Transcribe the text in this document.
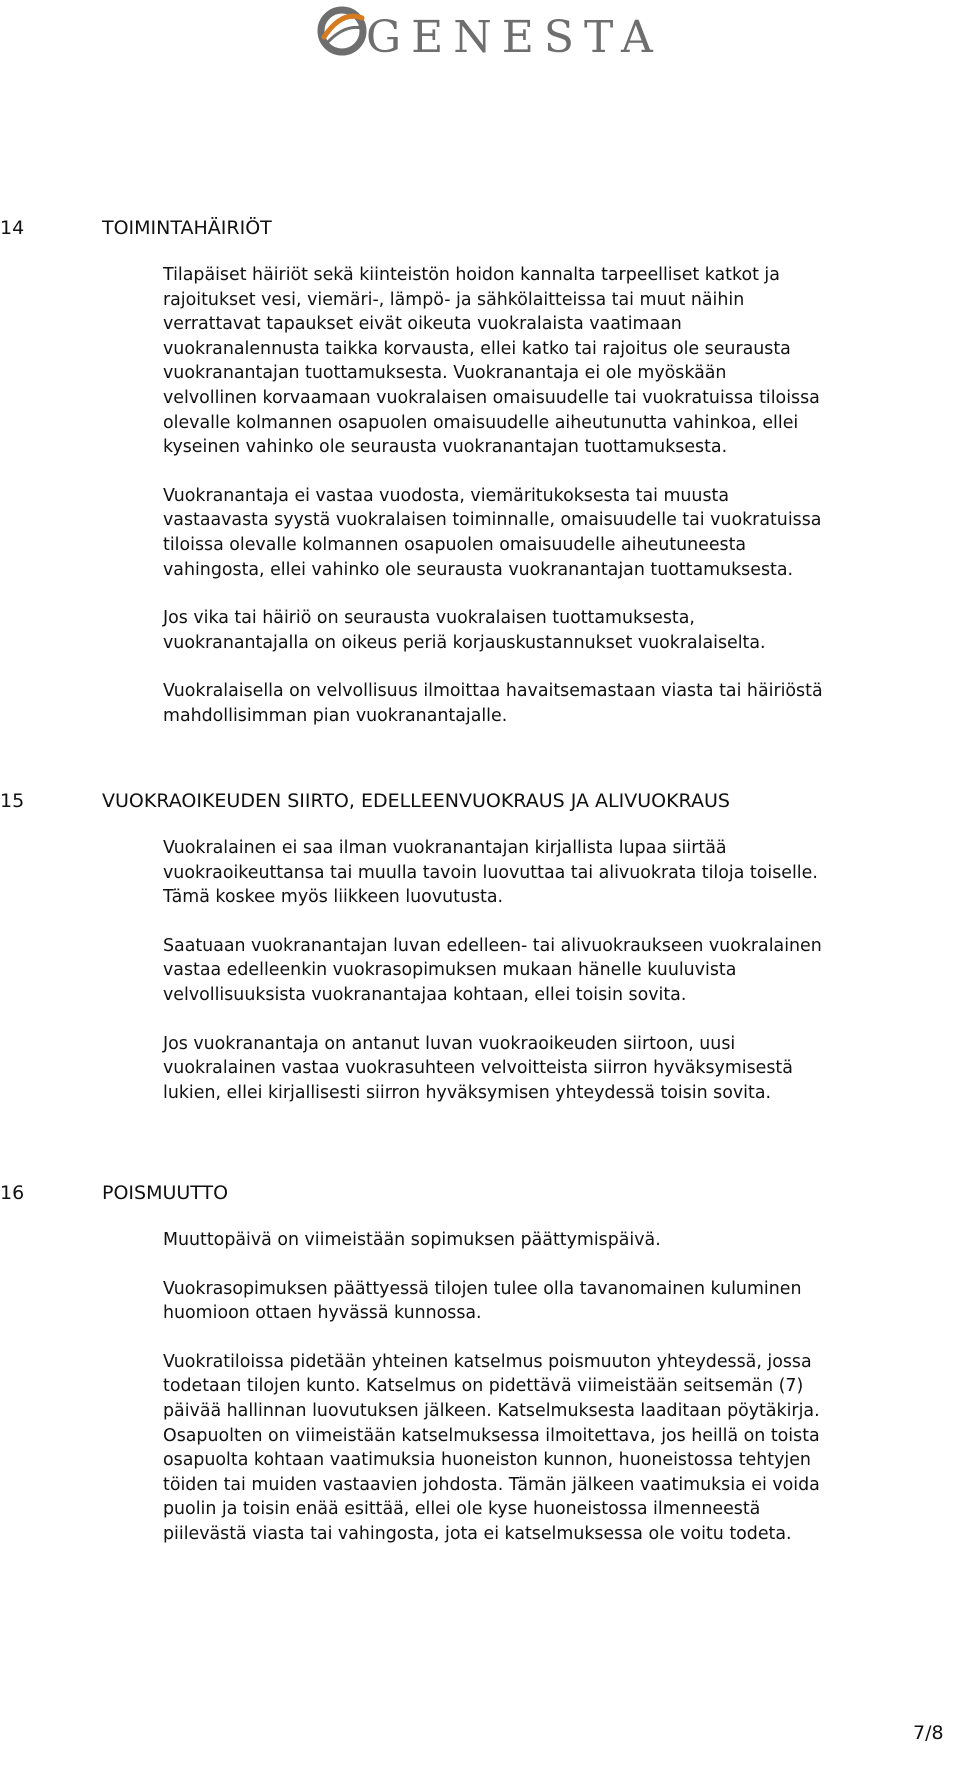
GENESTA
14	TOIMINTAHÄIRIÖT

Tilapäiset häiriöt sekä kiinteistön hoidon kannalta tarpeelliset katkot ja
rajoitukset vesi, viemäri-, lämpö- ja sähkölaitteissa tai muut näihin
verrattavat tapaukset eivät oikeuta vuokralaista vaatimaan
vuokranalennusta taikka korvausta, ellei katko tai rajoitus ole seurausta
vuokranantajan tuottamuksesta. Vuokranantaja ei ole myöskään
velvollinen korvaamaan vuokralaisen omaisuudelle tai vuokratuissa tiloissa
olevalle kolmannen osapuolen omaisuudelle aiheutunutta vahinkoa, ellei
kyseinen vahinko ole seurausta vuokranantajan tuottamuksesta.

Vuokranantaja ei vastaa vuodosta, viemäritukoksesta tai muusta
vastaavasta syystä vuokralaisen toiminnalle, omaisuudelle tai vuokratuissa
tiloissa olevalle kolmannen osapuolen omaisuudelle aiheutuneesta
vahingosta, ellei vahinko ole seurausta vuokranantajan tuottamuksesta.

Jos vika tai häiriö on seurausta vuokralaisen tuottamuksesta,
vuokranantajalla on oikeus periä korjauskustannukset vuokralaiselta.

Vuokralaisella on velvollisuus ilmoittaa havaitsemastaan viasta tai häiriöstä
mahdollisimman pian vuokranantajalle.

15	VUOKRAOIKEUDEN SIIRTO, EDELLEENVUOKRAUS JA ALIVUOKRAUS

Vuokralainen ei saa ilman vuokranantajan kirjallista lupaa siirtää
vuokraoikeuttansa tai muulla tavoin luovuttaa tai alivuokrata tiloja toiselle.
Tämä koskee myös liikkeen luovutusta.

Saatuaan vuokranantajan luvan edelleen- tai alivuokraukseen vuokralainen
vastaa edelleenkin vuokrasopimuksen mukaan hänelle kuuluvista
velvollisuuksista vuokranantajaa kohtaan, ellei toisin sovita.

Jos vuokranantaja on antanut luvan vuokraoikeuden siirtoon, uusi
vuokralainen vastaa vuokrasuhteen velvoitteista siirron hyväksymisestä
lukien, ellei kirjallisesti siirron hyväksymisen yhteydessä toisin sovita.

16	POISMUUTTO

Muuttopäivä on viimeistään sopimuksen päättymispäivä.

Vuokrasopimuksen päättyessä tilojen tulee olla tavanomainen kuluminen
huomioon ottaen hyvässä kunnossa.

Vuokratiloissa pidetään yhteinen katselmus poismuuton yhteydessä, jossa
todetaan tilojen kunto. Katselmus on pidettävä viimeistään seitsemän (7)
päivää hallinnan luovutuksen jälkeen. Katselmuksesta laaditaan pöytäkirja.
Osapuolten on viimeistään katselmuksessa ilmoitettava, jos heillä on toista
osapuolta kohtaan vaatimuksia huoneiston kunnon, huoneistossa tehtyjen
töiden tai muiden vastaavien johdosta. Tämän jälkeen vaatimuksia ei voida
puolin ja toisin enää esittää, ellei ole kyse huoneistossa ilmenneestä
piilevästä viasta tai vahingosta, jota ei katselmuksessa ole voitu todeta.

7/8
